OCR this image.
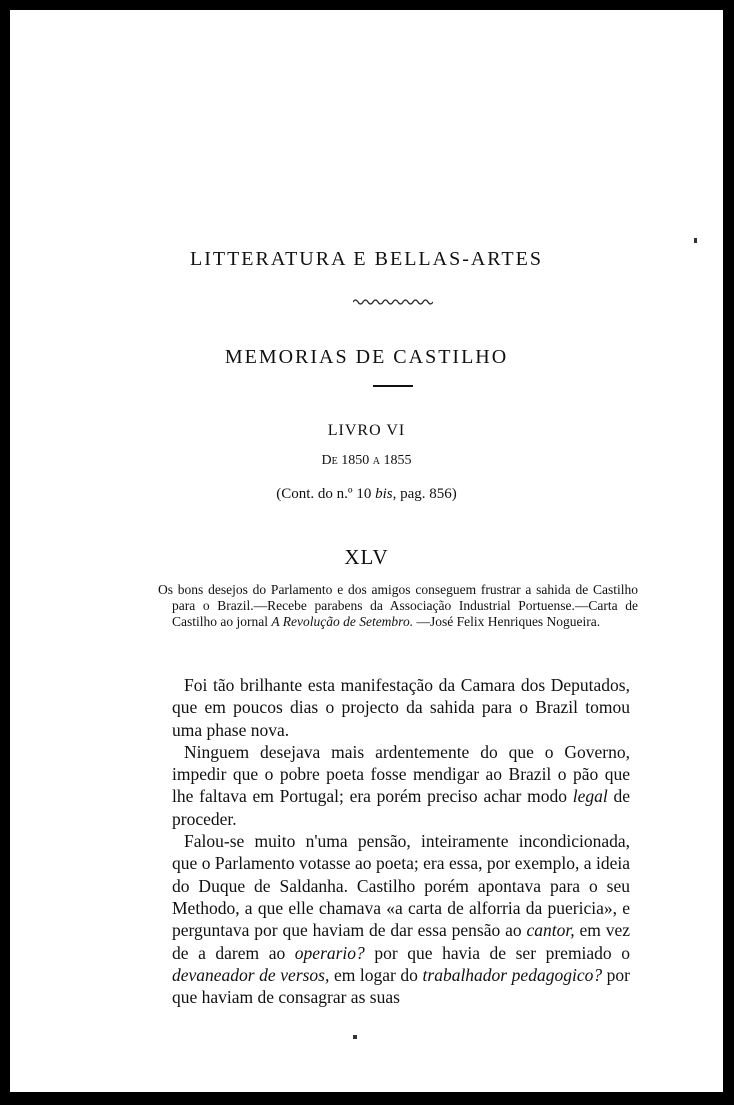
LITTERATURA E BELLAS-ARTES
MEMORIAS DE CASTILHO
LIVRO VI
De 1850 a 1855
(Cont. do n.º 10 bis, pag. 856)
XLV
Os bons desejos do Parlamento e dos amigos conseguem frustrar a sahida de Castilho para o Brazil.—Recebe parabens da Associação Industrial Portuense.—Carta de Castilho ao jornal A Revolução de Setembro. —José Felix Henriques Nogueira.

Foi tão brilhante esta manifestação da Camara dos Deputados, que em poucos dias o projecto da sahida para o Brazil tomou uma phase nova.

Ninguem desejava mais ardentemente do que o Governo, impedir que o pobre poeta fosse mendigar ao Brazil o pão que lhe faltava em Portugal; era porém preciso achar modo legal de proceder.

Falou-se muito n'uma pensão, inteiramente incondicionada, que o Parlamento votasse ao poeta; era essa, por exemplo, a ideia do Duque de Saldanha. Castilho porém apontava para o seu Methodo, a que elle chamava «a carta de alforria da puericia», e perguntava por que haviam de dar essa pensão ao cantor, em vez de a darem ao operario? por que havia de ser premiado o devaneador de versos, em logar do trabalhador pedagogico? por que haviam de consagrar as suas
